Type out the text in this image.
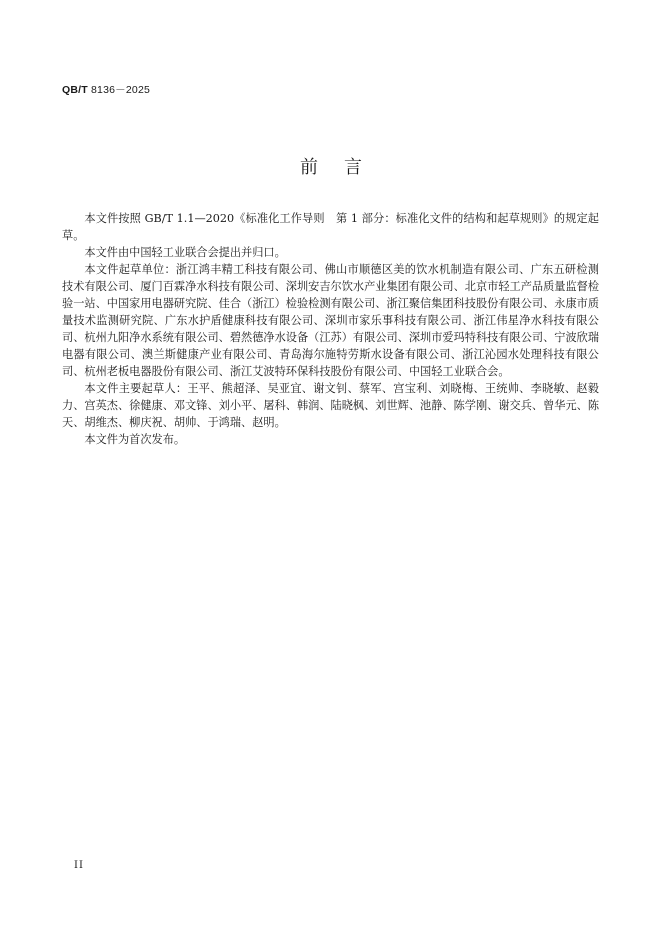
QB/T 8136－2025
前言

本文件按照 GB/T 1.1—2020《标准化工作导则　第 1 部分：标准化文件的结构和起草规则》的规定起草。

本文件由中国轻工业联合会提出并归口。

本文件起草单位：浙江鸿丰精工科技有限公司、佛山市顺德区美的饮水机制造有限公司、广东五研检测技术有限公司、厦门百霖净水科技有限公司、深圳安吉尔饮水产业集团有限公司、北京市轻工产品质量监督检验一站、中国家用电器研究院、佳合（浙江）检验检测有限公司、浙江聚信集团科技股份有限公司、永康市质量技术监测研究院、广东水护盾健康科技有限公司、深圳市家乐事科技有限公司、浙江伟星净水科技有限公司、杭州九阳净水系统有限公司、碧然德净水设备（江苏）有限公司、深圳市爱玛特科技有限公司、宁波欣瑞电器有限公司、澳兰斯健康产业有限公司、青岛海尔施特劳斯水设备有限公司、浙江沁园水处理科技有限公司、杭州老板电器股份有限公司、浙江艾波特环保科技股份有限公司、中国轻工业联合会。

本文件主要起草人：王平、熊超泽、吴亚宜、谢文钊、蔡军、宫宝利、刘晓梅、王统帅、李晓敏、赵毅力、宫英杰、徐健康、邓文锋、刘小平、屠科、韩润、陆晓枫、刘世辉、池静、陈学刚、谢交兵、曾华元、陈天、胡维杰、柳庆祝、胡帅、于鸿瑞、赵明。

本文件为首次发布。

II
